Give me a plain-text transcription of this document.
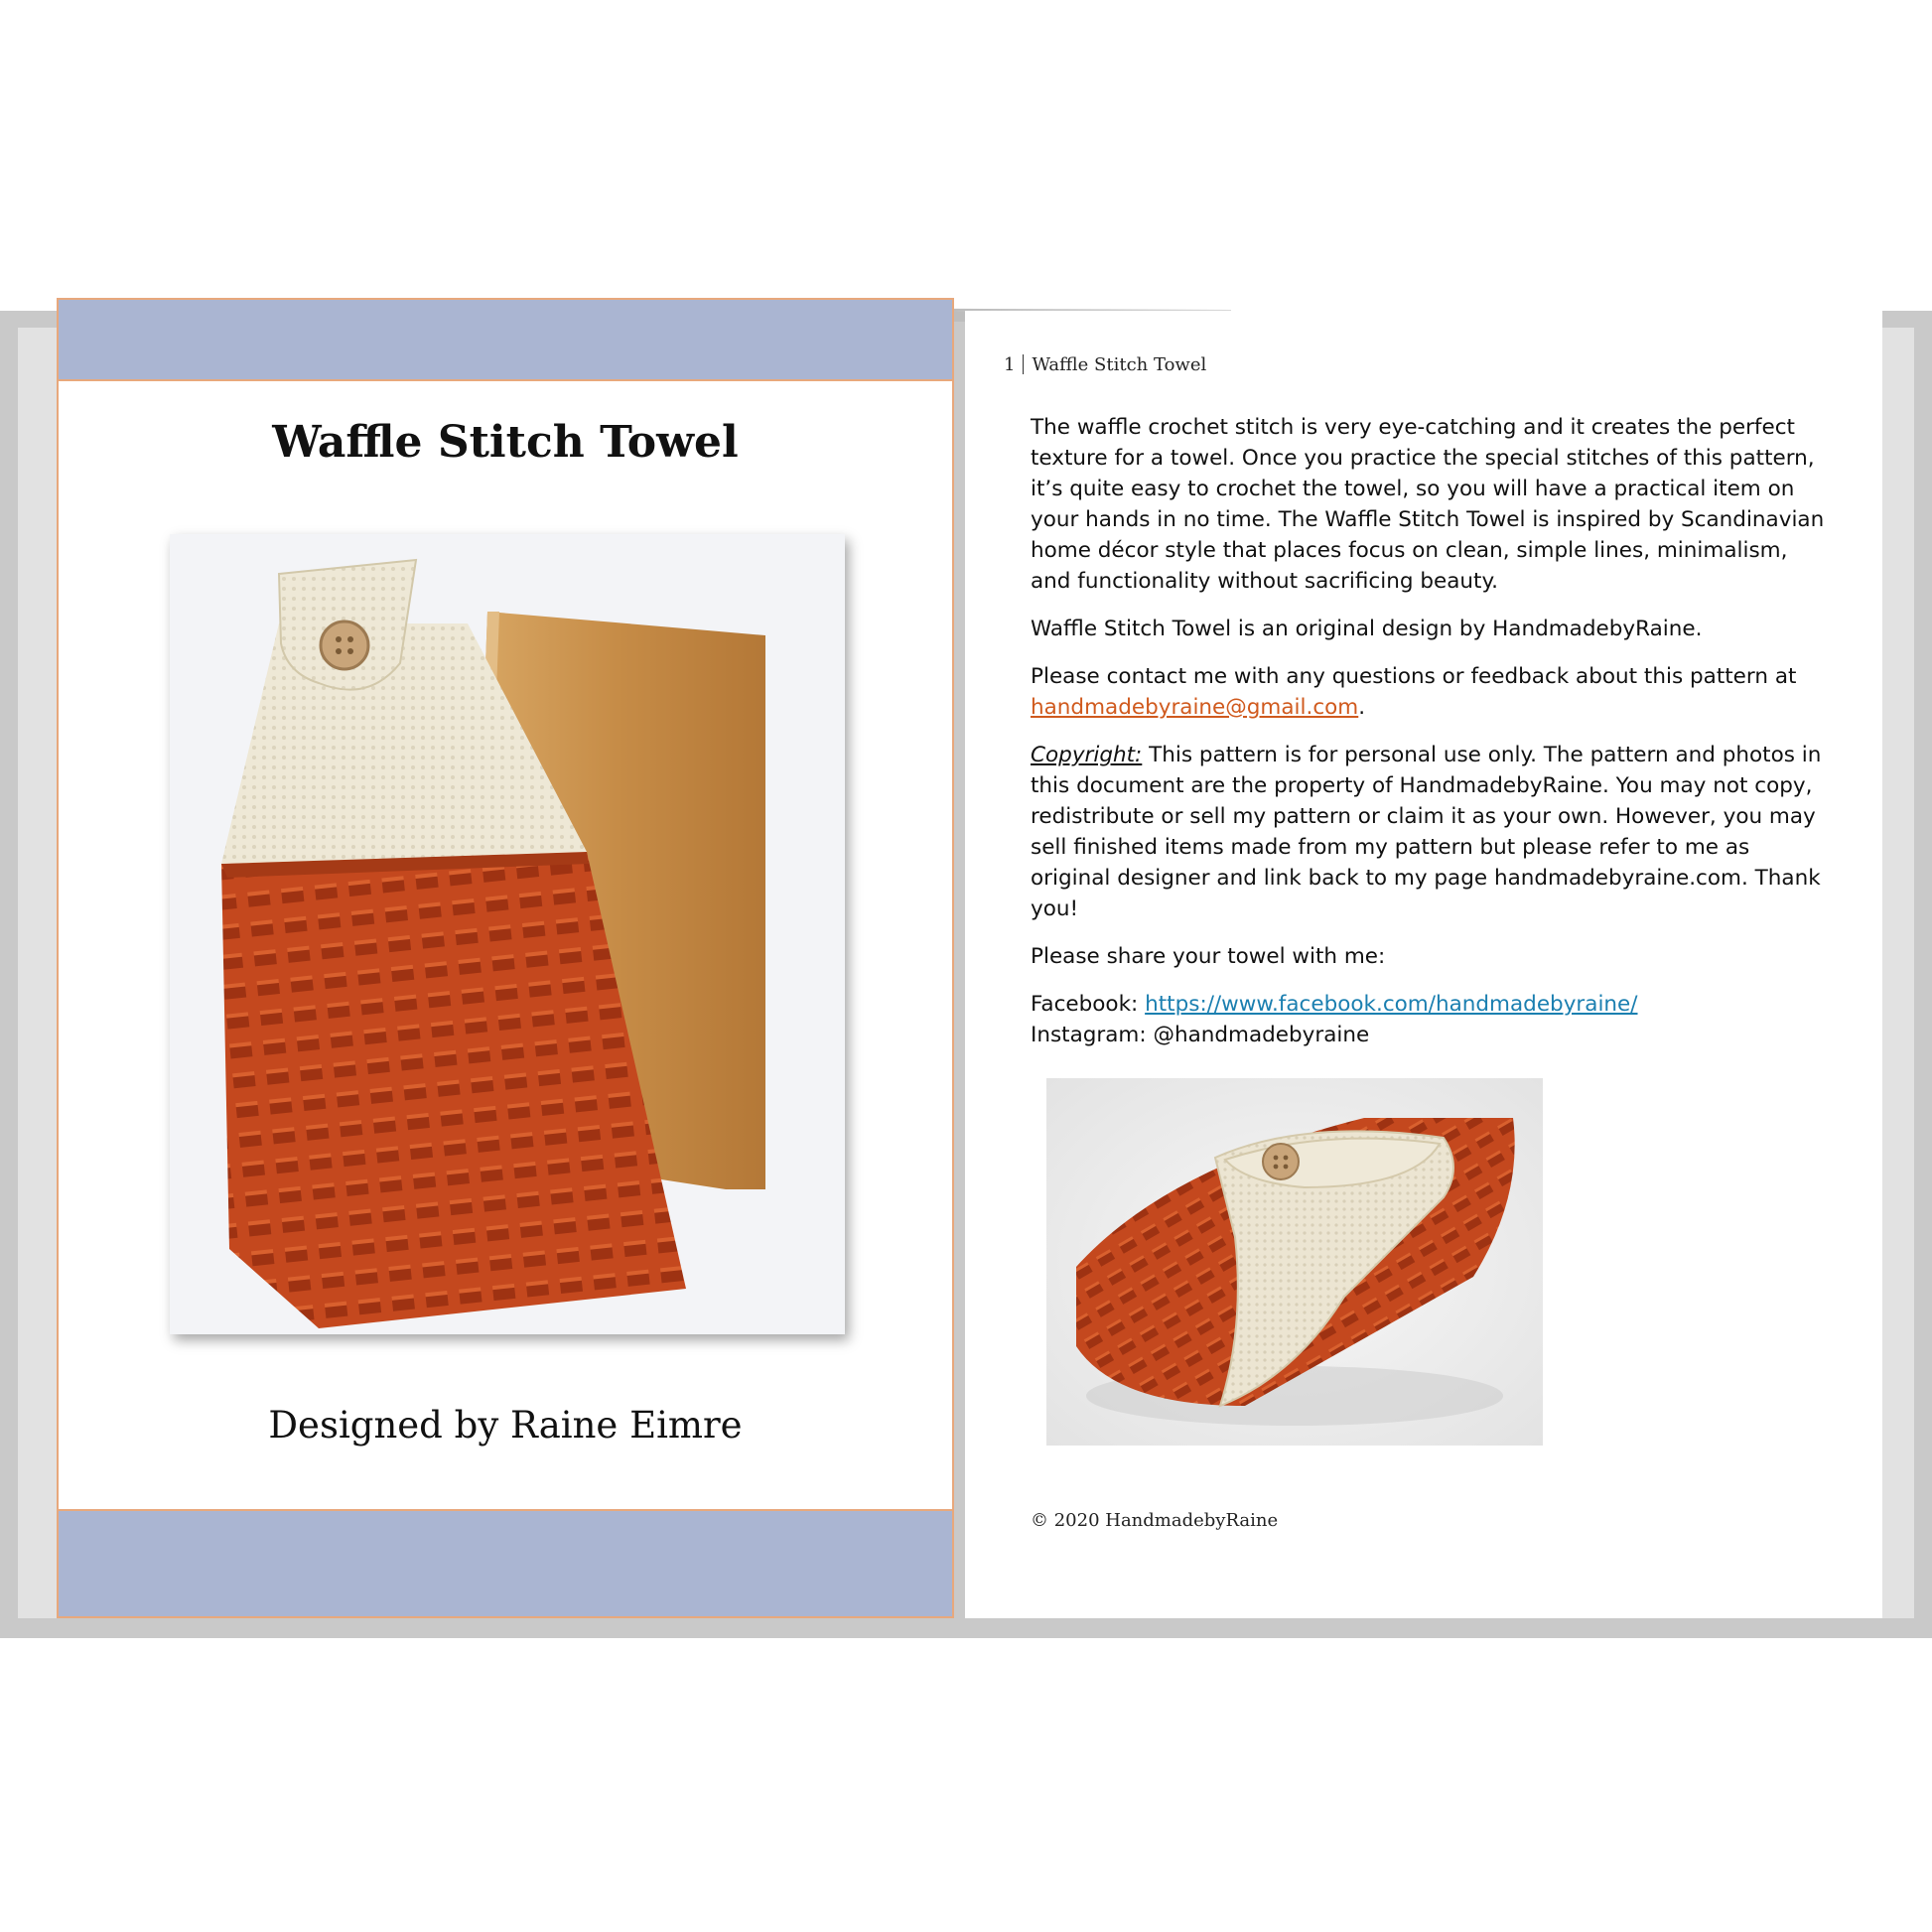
Waffle Stitch Towel
Designed by Raine Eimre
1 Waffle Stitch Towel

The waffle crochet stitch is very eye-catching and it creates the perfect texture for a towel. Once you practice the special stitches of this pattern, it’s quite easy to crochet the towel, so you will have a practical item on your hands in no time. The Waffle Stitch Towel is inspired by Scandinavian home décor style that places focus on clean, simple lines, minimalism, and functionality without sacrificing beauty.

Waffle Stitch Towel is an original design by HandmadebyRaine.

Please contact me with any questions or feedback about this pattern at handmadebyraine@gmail.com.

Copyright: This pattern is for personal use only. The pattern and photos in this document are the property of HandmadebyRaine. You may not copy, redistribute or sell my pattern or claim it as your own. However, you may sell finished items made from my pattern but please refer to me as original designer and link back to my page handmadebyraine.com. Thank you!

Please share your towel with me:

Facebook: https://www.facebook.com/handmadebyraine/
Instagram: @handmadebyraine

© 2020 HandmadebyRaine
